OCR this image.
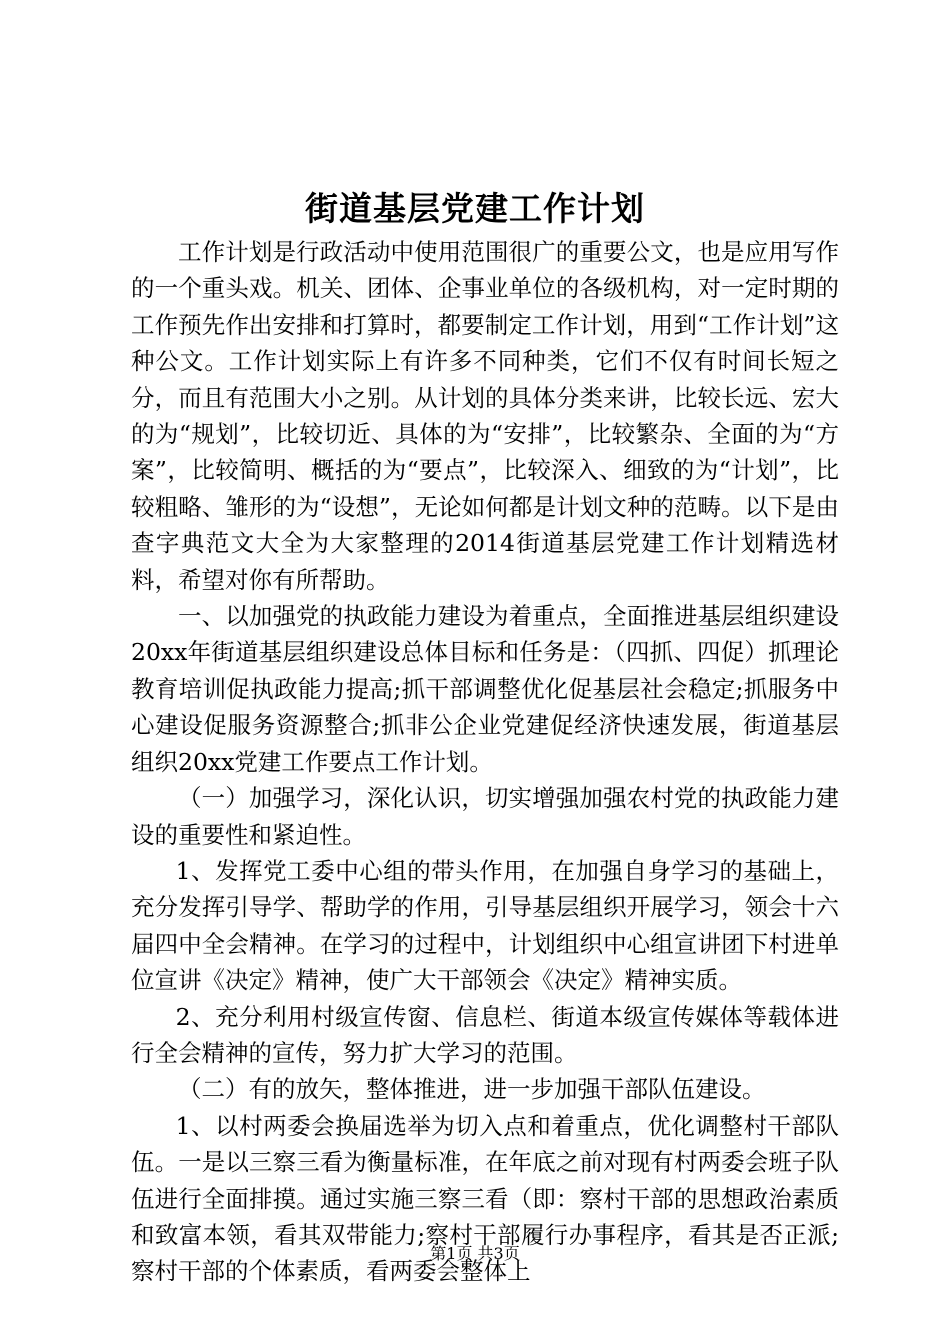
街道基层党建工作计划

工作计划是行政活动中使用范围很广的重要公文，也是应用写作的一个重头戏。机关、团体、企事业单位的各级机构，对一定时期的工作预先作出安排和打算时，都要制定工作计划，用到“工作计划”这种公文。工作计划实际上有许多不同种类，它们不仅有时间长短之分，而且有范围大小之别。从计划的具体分类来讲，比较长远、宏大的为“规划”，比较切近、具体的为“安排”，比较繁杂、全面的为“方案”，比较简明、概括的为“要点”，比较深入、细致的为“计划”，比较粗略、雏形的为“设想”，无论如何都是计划文种的范畴。以下是由查字典范文大全为大家整理的2014街道基层党建工作计划精选材料，希望对你有所帮助。

一、以加强党的执政能力建设为着重点，全面推进基层组织建设20xx年街道基层组织建设总体目标和任务是：（四抓、四促）抓理论教育培训促执政能力提高;抓干部调整优化促基层社会稳定;抓服务中心建设促服务资源整合;抓非公企业党建促经济快速发展，街道基层组织20xx党建工作要点工作计划。

（一）加强学习，深化认识，切实增强加强农村党的执政能力建设的重要性和紧迫性。

1、发挥党工委中心组的带头作用，在加强自身学习的基础上，充分发挥引导学、帮助学的作用，引导基层组织开展学习，领会十六届四中全会精神。在学习的过程中，计划组织中心组宣讲团下村进单位宣讲《决定》精神，使广大干部领会《决定》精神实质。

2、充分利用村级宣传窗、信息栏、街道本级宣传媒体等载体进行全会精神的宣传，努力扩大学习的范围。

（二）有的放矢，整体推进，进一步加强干部队伍建设。

1、以村两委会换届选举为切入点和着重点，优化调整村干部队伍。一是以三察三看为衡量标准，在年底之前对现有村两委会班子队伍进行全面排摸。通过实施三察三看（即：察村干部的思想政治素质和致富本领，看其双带能力;察村干部履行办事程序，看其是否正派;察村干部的个体素质，看两委会整体上

第1页 共3页
